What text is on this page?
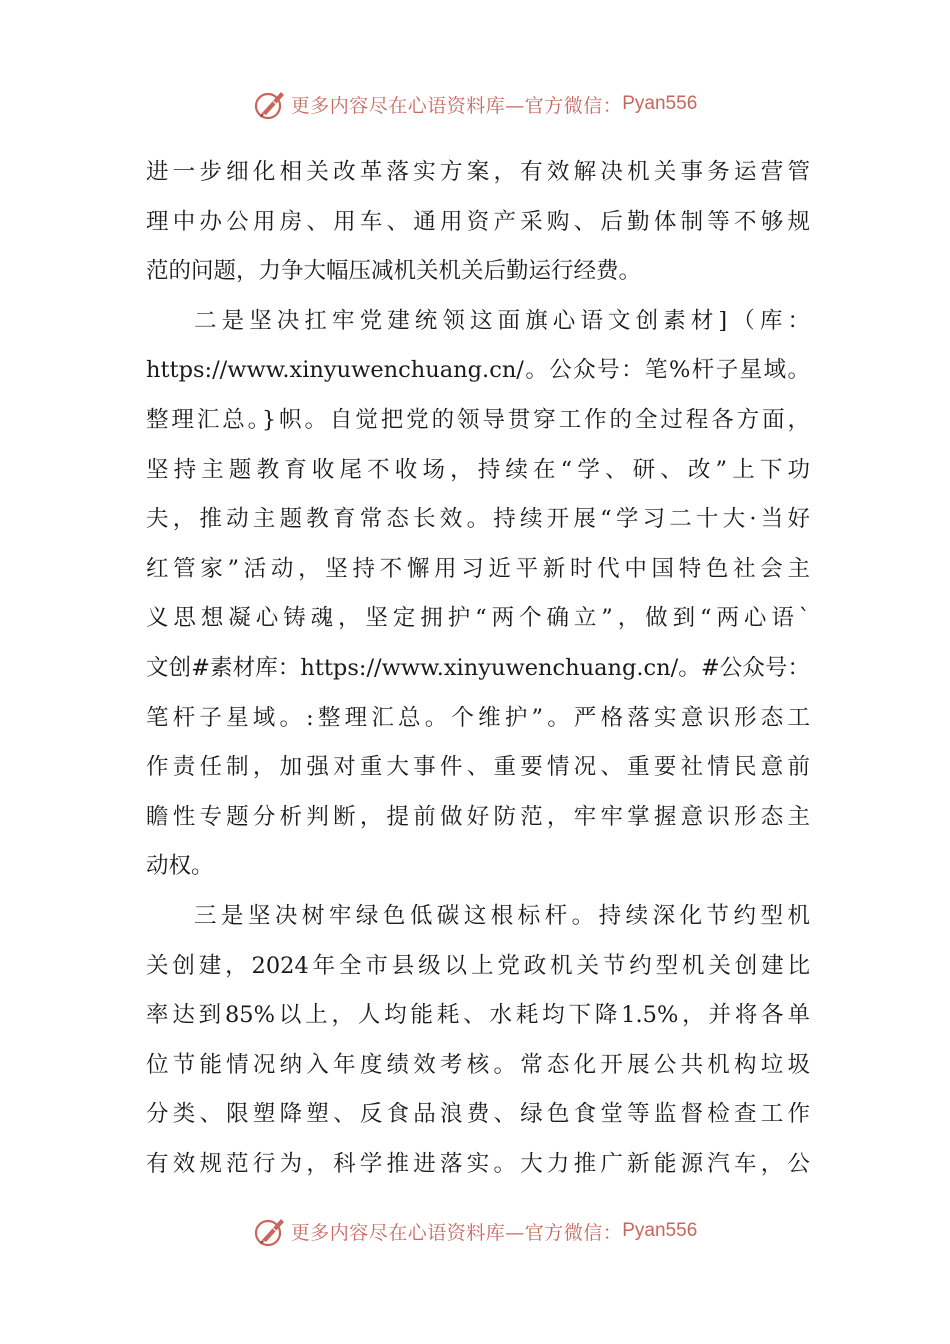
更多内容尽在心语资料库—官方微信： Pyan556
进一步细化相关改革落实方案，有效解决机关事务运营管
理中办公用房、用车、通用资产采购、后勤体制等不够规
范的问题，力争大幅压减机关机关后勤运行经费。
二是坚决扛牢党建统领这面旗心语文创素材]（库：
https://www.xinyuwenchuang.cn/。公众号：笔%杆子星域。
整理汇总。}帜。自觉把党的领导贯穿工作的全过程各方面，
坚持主题教育收尾不收场，持续在“学、研、改”上下功
夫，推动主题教育常态长效。持续开展“学习二十大·当好
红管家”活动，坚持不懈用习近平新时代中国特色社会主
义思想凝心铸魂，坚定拥护“两个确立”，做到“两心语`
文创#素材库：https://www.xinyuwenchuang.cn/。#公众号：
笔杆子星域。:整理汇总。个维护”。严格落实意识形态工
作责任制，加强对重大事件、重要情况、重要社情民意前
瞻性专题分析判断，提前做好防范，牢牢掌握意识形态主
动权。
三是坚决树牢绿色低碳这根标杆。持续深化节约型机
关创建，2024年全市县级以上党政机关节约型机关创建比
率达到85%以上，人均能耗、水耗均下降1.5%，并将各单
位节能情况纳入年度绩效考核。常态化开展公共机构垃圾
分类、限塑降塑、反食品浪费、绿色食堂等监督检查工作
有效规范行为，科学推进落实。大力推广新能源汽车，公
更多内容尽在心语资料库—官方微信： Pyan556
